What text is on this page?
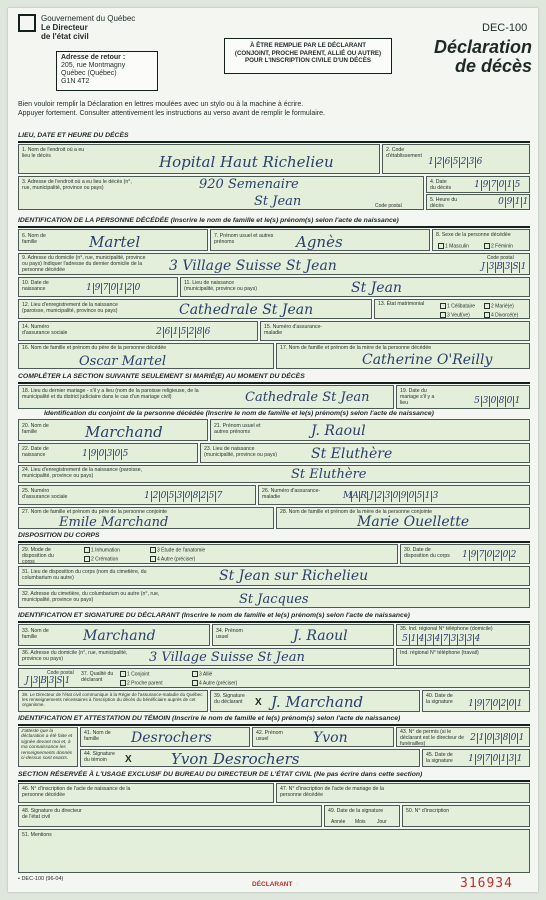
Gouvernement du Québec
Le Directeur
de l'état civil
Adresse de retour :
205, rue Montmagny
Québec (Québec)
G1N 4T2
À ÊTRE REMPLIE PAR LE DÉCLARANT
(CONJOINT, PROCHE PARENT, ALLIÉ OU AUTRE)
POUR L'INSCRIPTION CIVILE D'UN DÉCÈS
DEC-100
Déclaration
de décès
Bien vouloir remplir la Déclaration en lettres moulées avec un stylo ou à la machine à écrire.
Appuyer fortement. Consulter attentivement les instructions au verso avant de remplir le formulaire.
LIEU, DATE ET HEURE DU DÉCÈS
1. Nom de l'endroit où a eu lieu le décès	Hopital Haut Richelieu
2. Code d'établissement
1 2 6 5 2 3 6
3. Adresse de l'endroit où a eu lieu le décès (n°, rue, municipalité, province ou pays)	920 Semenaire
St Jean	Code postal
4. Date du décès	1 9 7 0 1 5
5. Heure du décès	0 9 1 1
IDENTIFICATION DE LA PERSONNE DÉCÉDÉE (Inscrire le nom de famille et le(s) prénom(s) selon l'acte de naissance)
6. Nom de famille	Martel	7. Prénom usuel et autres prénoms	Agnès	8. Sexe de la personne décédée
1 Masculin	2 Féminin
9. Adresse du domicile (n°, rue, municipalité, province ou pays) Indiquer l'adresse du dernier domicile de la personne décédée	3 Village Suisse St Jean	Code postal
J 3 B 3 S 1
10. Date de naissance	1 9 7 0 1 2 0	11. Lieu de naissance (municipalité, province ou pays)	St Jean
12. Lieu d'enregistrement de la naissance (paroisse, municipalité, province ou pays)	Cathedrale St Jean	13. État matrimonial	1 Célibataire	2 Marié(e)
3 Veuf(ve)	4 Divorcé(e)
14. Numéro d'assurance sociale	2 6 1 5 2 8 6	15. Numéro d'assurance-maladie
16. Nom de famille et prénom du père de la personne décédée
Oscar Martel
17. Nom de famille et prénom de la mère de la personne décédée
Catherine O'Reilly
COMPLÉTER LA SECTION SUIVANTE SEULEMENT SI MARIÉ(E) AU MOMENT DU DÉCÈS
18. Lieu du dernier mariage - s'il y a lieu (nom de la paroisse religieuse, de la municipalité et du district judiciaire dans le cas d'un mariage civil)	Cathedrale St Jean	19. Date du mariage s'il y a lieu	5 3 0 8 0 1
Identification du conjoint de la personne décédée (Inscrire le nom de famille et le(s) prénom(s) selon l'acte de naissance)
20. Nom de famille	Marchand	21. Prénom usuel et autres prénoms	J. Raoul
22. Date de naissance	1 9 0 3 0 5	23. Lieu de naissance (municipalité, province ou pays)	St Eluthère
24. Lieu d'enregistrement de la naissance (paroisse, municipalité, province ou pays)	St Eluthère
25. Numéro d'assurance sociale	1 2 0 5 3 0 8 2 5 7	26. Numéro d'assurance-maladie	M A R J 2 3 0 9 0 5 1 3
27. Nom de famille et prénom du père de la personne conjointe
Emile Marchand
28. Nom de famille et prénom de la mère de la personne conjointe
Marie Ouellette
DISPOSITION DU CORPS
29. Mode de disposition du corps
1 Inhumation
2 Crémation
3 Étude de l'anatomie
4 Autre (préciser)
30. Date de disposition du corps 1 9 7 0 2 0 2
31. Lieu de disposition du corps (nom du cimetière, du columbarium ou autre)	St Jean sur Richelieu
32. Adresse du cimetière, du columbarium ou autre (n°, rue, municipalité, province ou pays)	St Jacques
IDENTIFICATION ET SIGNATURE DU DÉCLARANT (Inscrire le nom de famille et le(s) prénom(s) selon l'acte de naissance)
33. Nom de famille	Marchand	34. Prénom usuel	J. Raoul	35. Ind. régional N° téléphone (domicile)
5 1 4 3 4 7 3 3 3 4
36. Adresse du domicile (n°, rue, municipalité, province ou pays)	3 Village Suisse St Jean	Ind. régional N° téléphone (travail)
Code postal
J 3 B 3 S 1
37. Qualité du déclarant
1 Conjoint
2 Proche parent
3 Allié
4 Autre (préciser)
38. Le Directeur de l'état civil communique à la Régie de l'assurance-maladie du Québec les renseignements nécessaires à l'inscription du décès du bénéficiaire auprès de cet organisme.
39. Signature du déclarant	X J. Marchand	40. Date de la signature	1 9 7 0 2 0 1
IDENTIFICATION ET ATTESTATION DU TÉMOIN (Inscrire le nom de famille et le(s) prénom(s) selon l'acte de naissance)
J'atteste que la déclaration a été faite et signée devant moi et, à ma connaissance les renseignements donnés ci-dessus sont exacts.
41. Nom de famille	Desrochers	42. Prénom usuel	Yvon	43. N° de permis (si le déclarant est le directeur de funérailles)
2 1 0 3 8 0 1
44. Signature du témoin	X	Yvon Desrochers	45. Date de la signature	1 9 7 0 1 3 1
SECTION RÉSERVÉE À L'USAGE EXCLUSIF DU BUREAU DU DIRECTEUR DE L'ÉTAT CIVIL (Ne pas écrire dans cette section)
46. N° d'inscription de l'acte de naissance de la personne décédée
47. N° d'inscription de l'acte de mariage de la personne décédée
48. Signature du directeur de l'état civil
49. Date de la signature
Année Mois Jour
50. N° d'inscription
51. Mentions
• DEC-100 (96-04)
DÉCLARANT	316934
